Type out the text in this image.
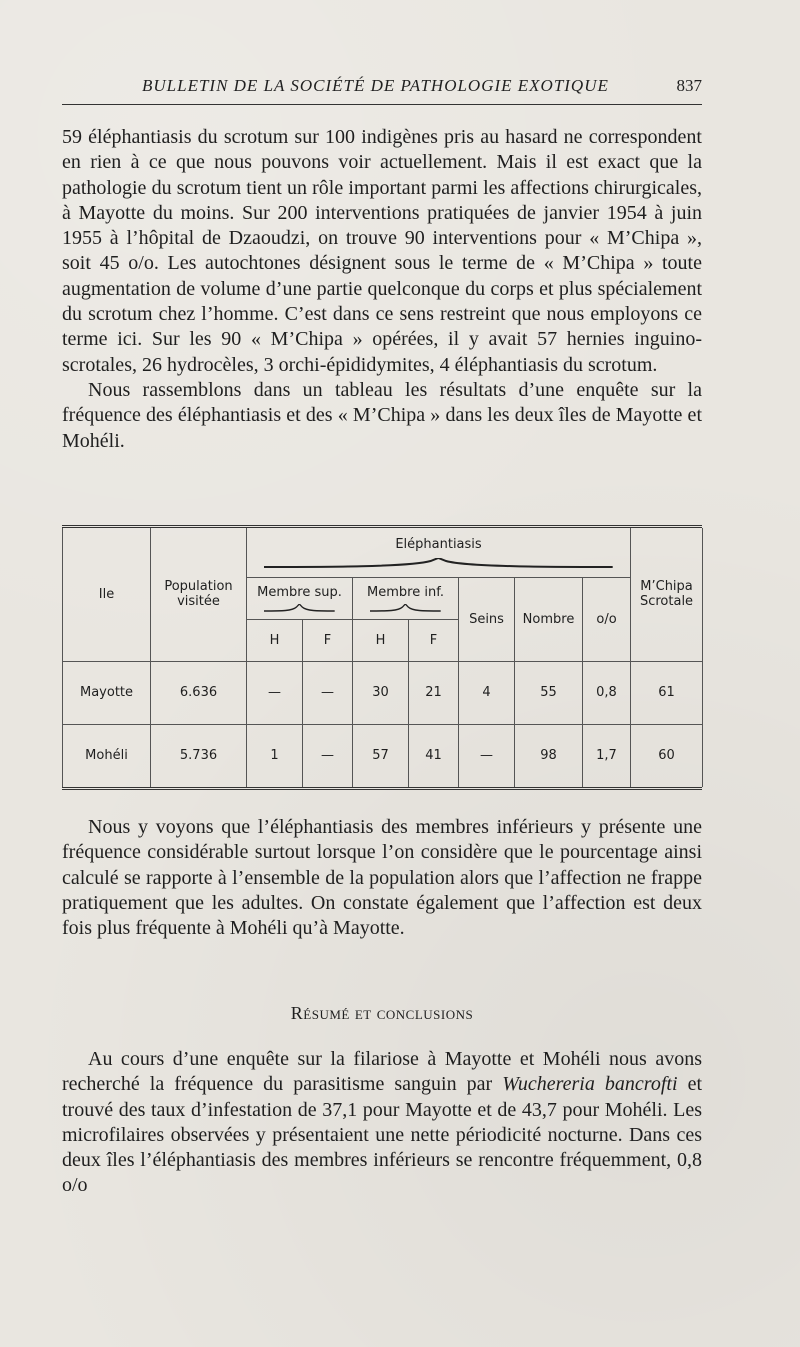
BULLETIN DE LA SOCIÉTÉ DE PATHOLOGIE EXOTIQUE	837

59 éléphantiasis du scrotum sur 100 indigènes pris au hasard ne correspondent en rien à ce que nous pouvons voir actuellement. Mais il est exact que la pathologie du scrotum tient un rôle important parmi les affections chirurgicales, à Mayotte du moins. Sur 200 interventions pratiquées de janvier 1954 à juin 1955 à l’hôpital de Dzaoudzi, on trouve 90 interventions pour « M’Chipa », soit 45 o/o. Les autochtones désignent sous le terme de « M’Chipa » toute augmentation de volume d’une partie quelconque du corps et plus spécialement du scrotum chez l’homme. C’est dans ce sens restreint que nous employons ce terme ici. Sur les 90 « M’Chipa » opérées, il y avait 57 hernies inguino-scrotales, 26 hydrocèles, 3 orchi-épididymites, 4 éléphantiasis du scrotum.

Nous rassemblons dans un tableau les résultats d’une enquête sur la fréquence des éléphantiasis et des « M’Chipa » dans les deux îles de Mayotte et Mohéli.

Ile	Population visitée	Eléphantiasis							M’Chipa Scrotale
		Membre sup.		Membre inf.		Seins	Nombre	o/o	
		H	F	H	F				
Mayotte	6.636	—	—	30	21	4	55	0,8	61
Mohéli	5.736	1	—	57	41	—	98	1,7	60

Nous y voyons que l’éléphantiasis des membres inférieurs y présente une fréquence considérable surtout lorsque l’on considère que le pourcentage ainsi calculé se rapporte à l’ensemble de la population alors que l’affection ne frappe pratiquement que les adultes. On constate également que l’affection est deux fois plus fréquente à Mohéli qu’à Mayotte.

Résumé et conclusions

Au cours d’une enquête sur la filariose à Mayotte et Mohéli nous avons recherché la fréquence du parasitisme sanguin par Wuchereria bancrofti et trouvé des taux d’infestation de 37,1 pour Mayotte et de 43,7 pour Mohéli. Les microfilaires observées y présentaient une nette périodicité nocturne. Dans ces deux îles l’éléphantiasis des membres inférieurs se rencontre fréquemment, 0,8 o/o
